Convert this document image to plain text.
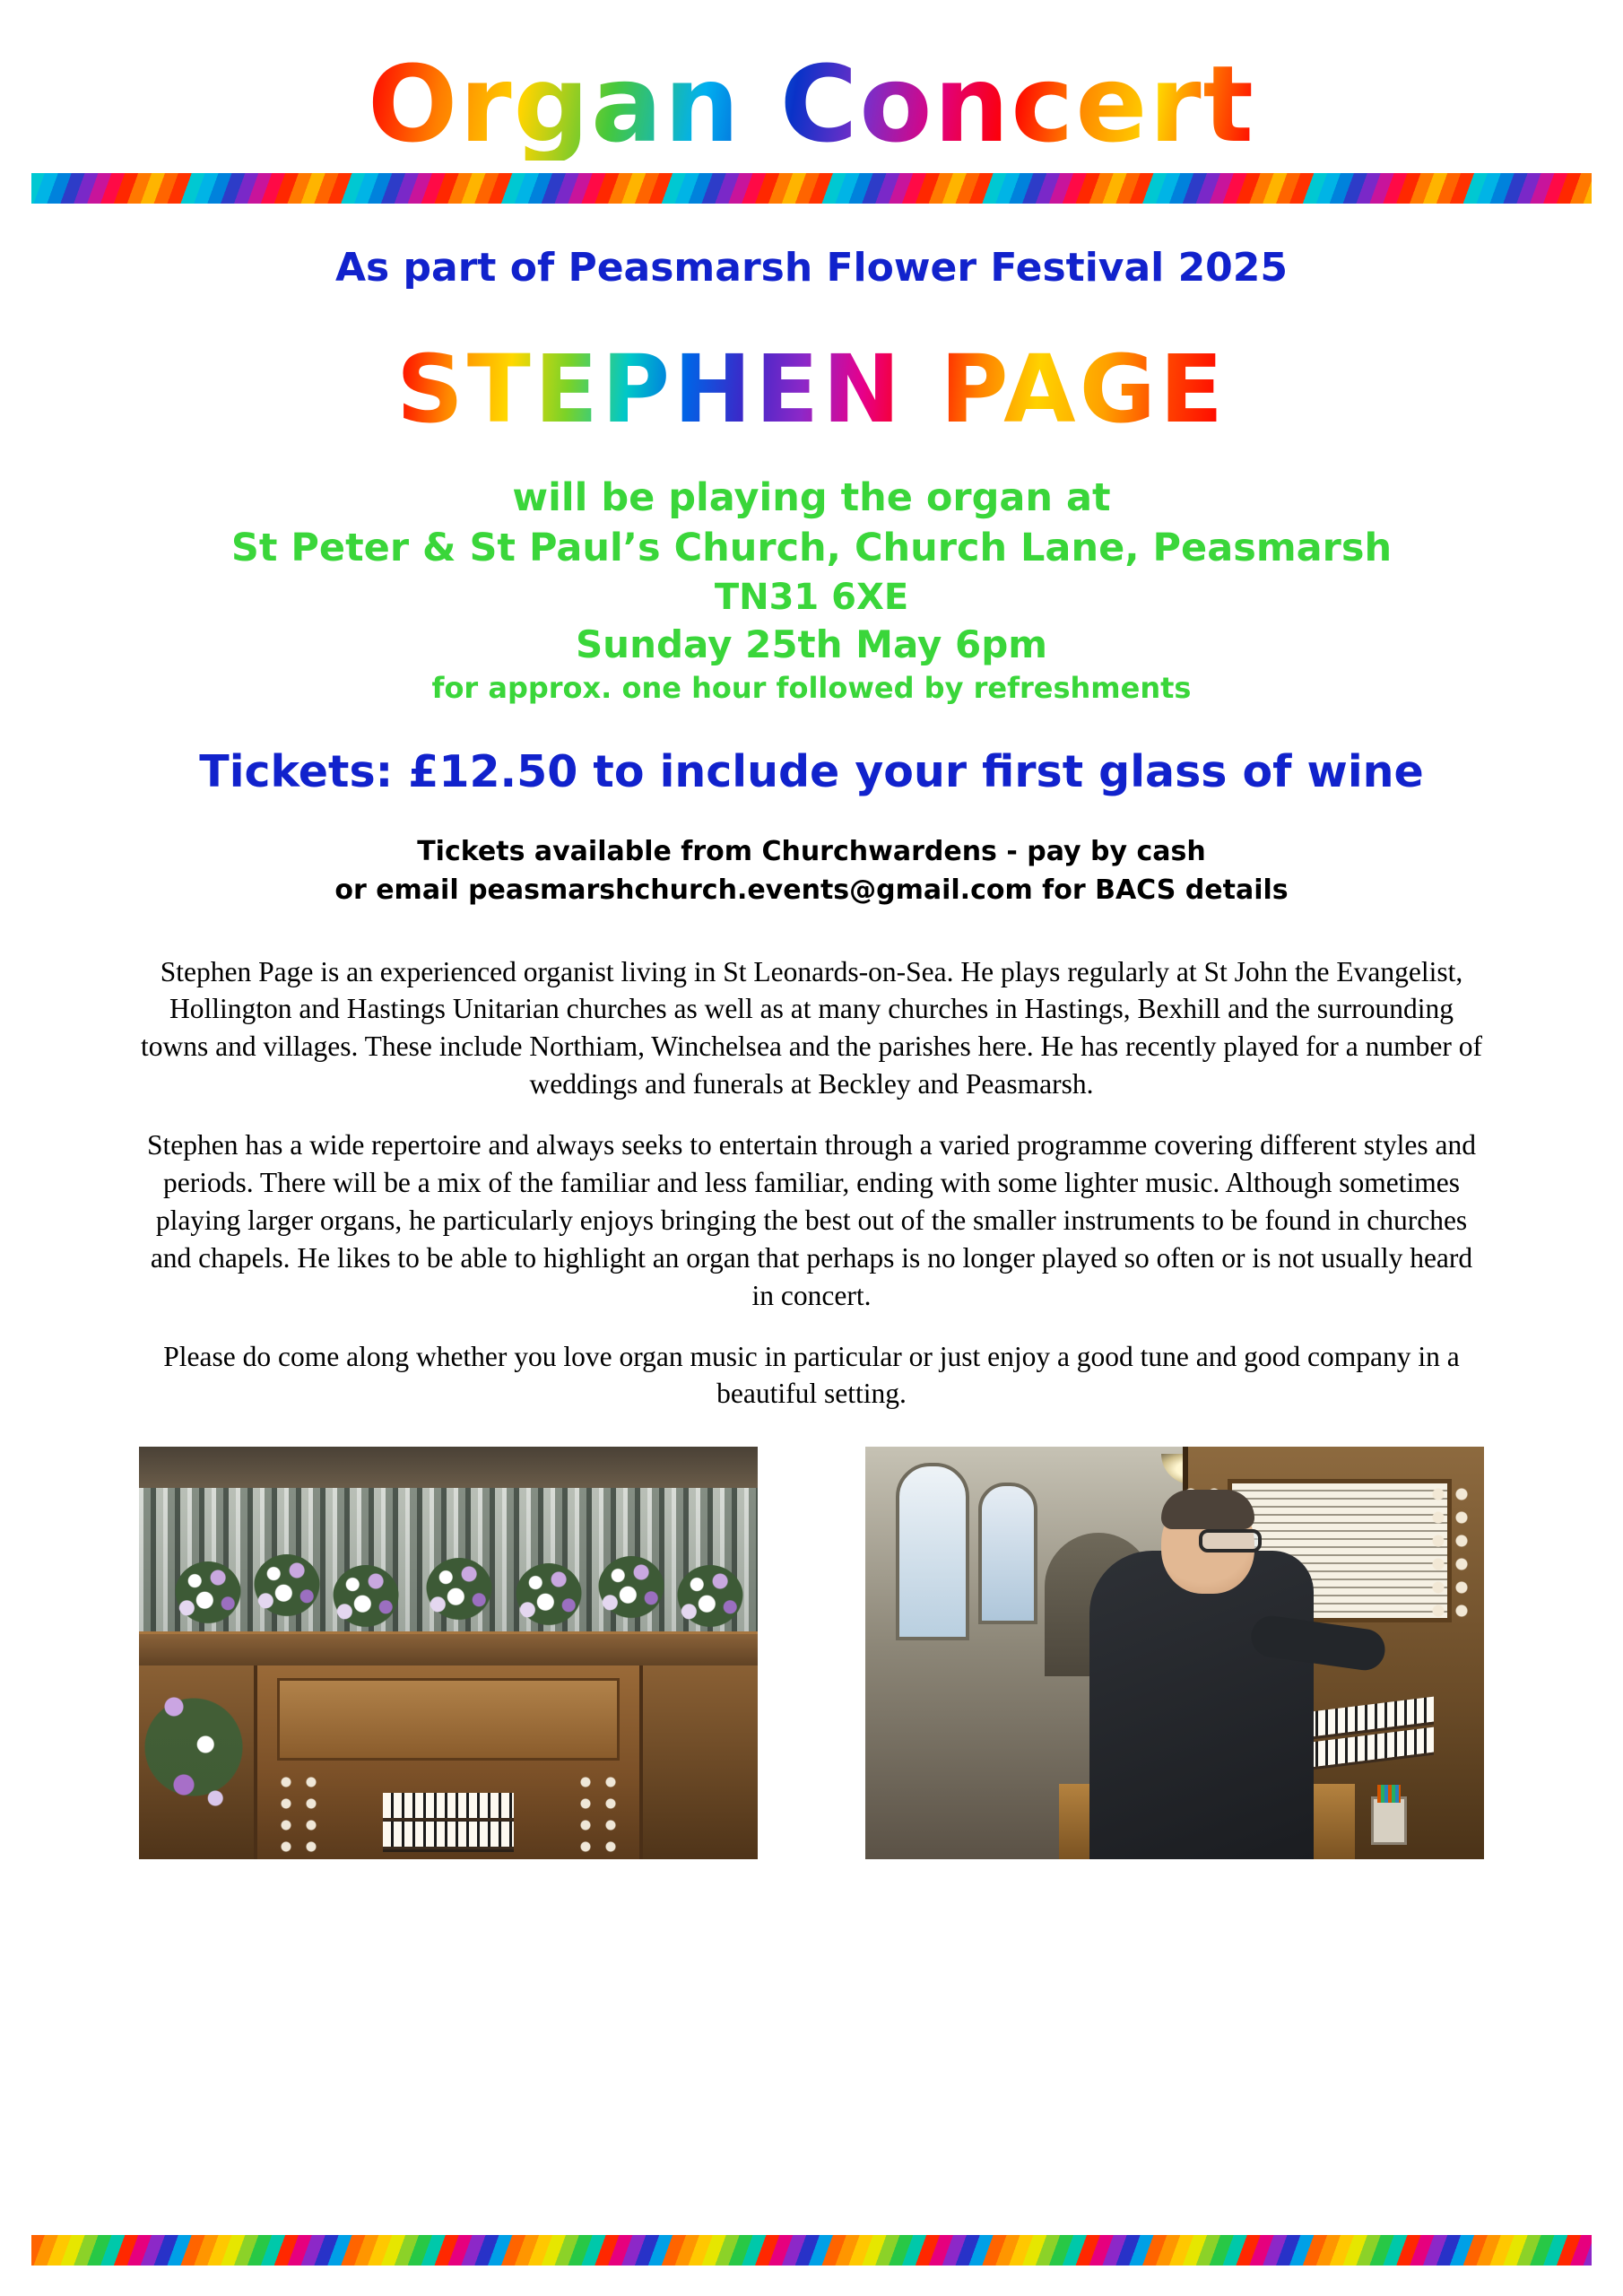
Organ Concert
As part of Peasmarsh Flower Festival 2025
STEPHEN PAGE
will be playing the organ at
St Peter & St Paul’s Church, Church Lane, Peasmarsh
TN31 6XE
Sunday 25th May 6pm
for approx. one hour followed by refreshments
Tickets: £12.50 to include your first glass of wine
Tickets available from Churchwardens - pay by cash
or email peasmarshchurch.events@gmail.com for BACS details

Stephen Page is an experienced organist living in St Leonards-on-Sea. He plays regularly at St John the Evangelist, Hollington and Hastings Unitarian churches as well as at many churches in Hastings, Bexhill and the surrounding towns and villages. These include Northiam, Winchelsea and the parishes here. He has recently played for a number of weddings and funerals at Beckley and Peasmarsh.

Stephen has a wide repertoire and always seeks to entertain through a varied programme covering different styles and periods. There will be a mix of the familiar and less familiar, ending with some lighter music. Although sometimes playing larger organs, he particularly enjoys bringing the best out of the smaller instruments to be found in churches and chapels. He likes to be able to highlight an organ that perhaps is no longer played so often or is not usually heard in concert.

Please do come along whether you love organ music in particular or just enjoy a good tune and good company in a beautiful setting.
